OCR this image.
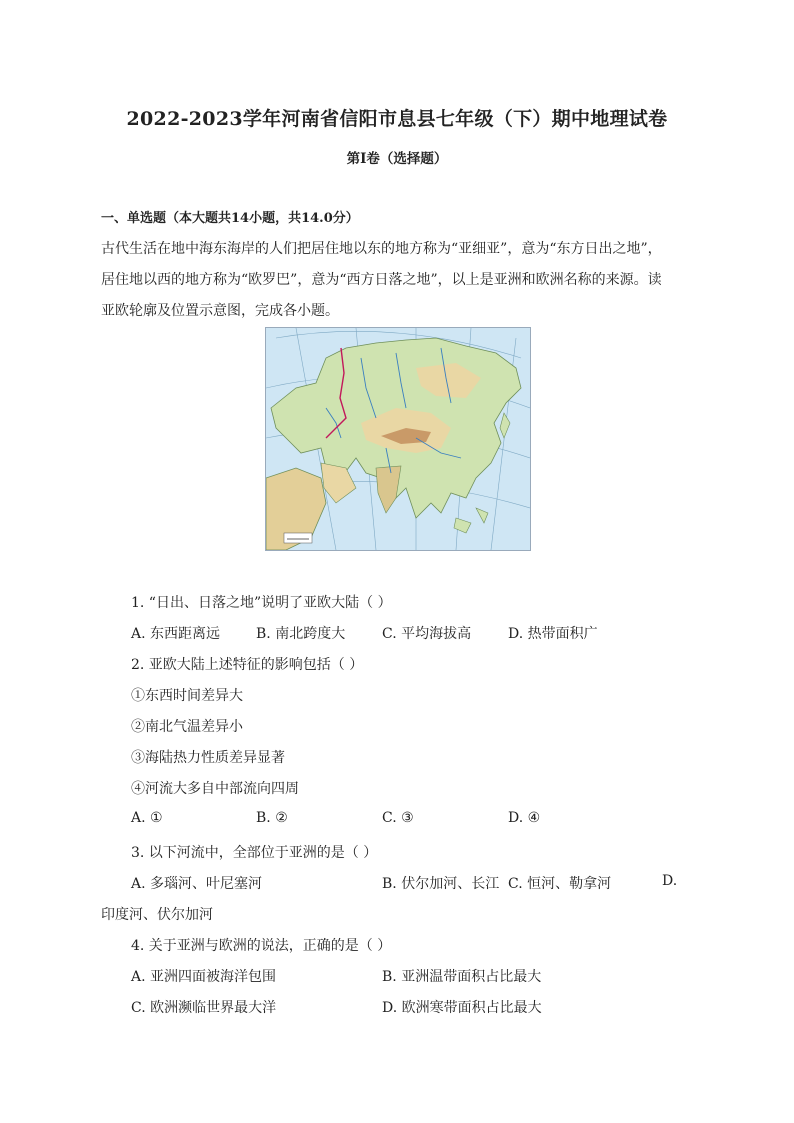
2022-2023学年河南省信阳市息县七年级（下）期中地理试卷
第I卷（选择题）
一、单选题（本大题共14小题，共14.0分）
古代生活在地中海东海岸的人们把居住地以东的地方称为“亚细亚”，意为“东方日出之地”，
居住地以西的地方称为“欧罗巴”，意为“西方日落之地”，以上是亚洲和欧洲名称的来源。读
亚欧轮廓及位置示意图，完成各小题。
1. “日出、日落之地”说明了亚欧大陆（ ）
A. 东西距离远	B. 南北跨度大	C. 平均海拔高	D. 热带面积广
2. 亚欧大陆上述特征的影响包括（ ）
①东西时间差异大
②南北气温差异小
③海陆热力性质差异显著
④河流大多自中部流向四周
A. ①	B. ②	C. ③	D. ④
3. 以下河流中，全部位于亚洲的是（ ）
A. 多瑙河、叶尼塞河	B. 伏尔加河、长江 C. 恒河、勒拿河	D.
印度河、伏尔加河
4. 关于亚洲与欧洲的说法，正确的是（ ）
A. 亚洲四面被海洋包围	B. 亚洲温带面积占比最大
C. 欧洲濒临世界最大洋	D. 欧洲寒带面积占比最大
